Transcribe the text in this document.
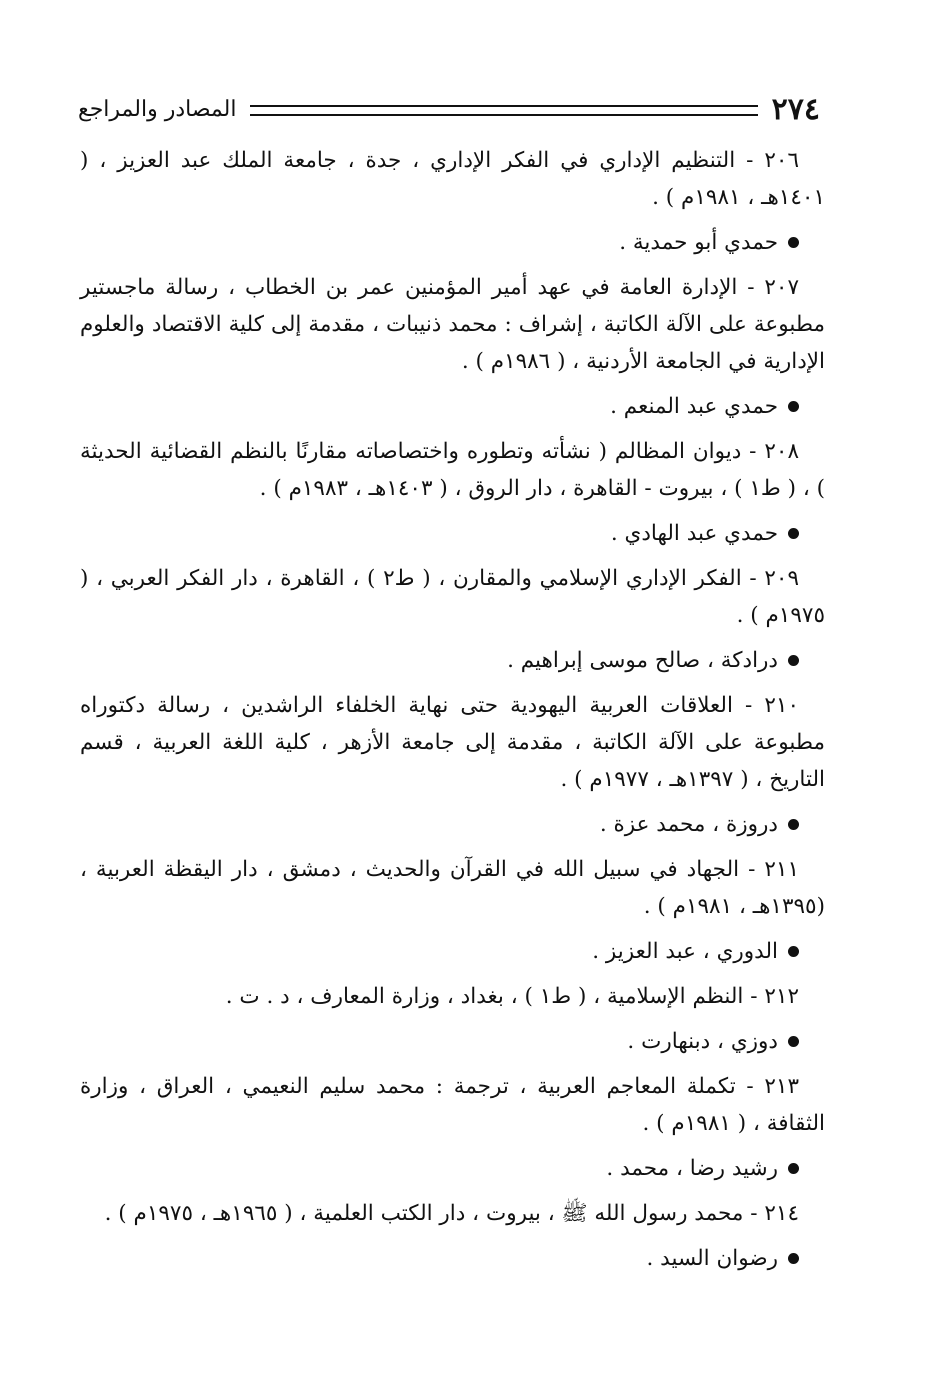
٢٧٤
المصادر والمراجع

٢٠٦ - التنظيم الإداري في الفكر الإداري ، جدة ، جامعة الملك عبد العزيز ، ( ١٤٠١هـ ، ١٩٨١م ) .

حمدي أبو حمدية .

٢٠٧ - الإدارة العامة في عهد أمير المؤمنين عمر بن الخطاب ، رسالة ماجستير مطبوعة على الآلة الكاتبة ، إشراف : محمد ذنيبات ، مقدمة إلى كلية الاقتصاد والعلوم الإدارية في الجامعة الأردنية ، ( ١٩٨٦م ) .

حمدي عبد المنعم .

٢٠٨ - ديوان المظالم ( نشأته وتطوره واختصاصاته مقارنًا بالنظم القضائية الحديثة ) ، ( ط١ ) ، بيروت - القاهرة ، دار الروق ، ( ١٤٠٣هـ ، ١٩٨٣م ) .

حمدي عبد الهادي .

٢٠٩ - الفكر الإداري الإسلامي والمقارن ، ( ط٢ ) ، القاهرة ، دار الفكر العربي ، ( ١٩٧٥م ) .

درادكة ، صالح موسى إبراهيم .

٢١٠ - العلاقات العربية اليهودية حتى نهاية الخلفاء الراشدين ، رسالة دكتوراه مطبوعة على الآلة الكاتبة ، مقدمة إلى جامعة الأزهر ، كلية اللغة العربية ، قسم التاريخ ، ( ١٣٩٧هـ ، ١٩٧٧م ) .

دروزة ، محمد عزة .

٢١١ - الجهاد في سبيل الله في القرآن والحديث ، دمشق ، دار اليقظة العربية ، (١٣٩٥هـ ، ١٩٨١م ) .

الدوري ، عبد العزيز .

٢١٢ - النظم الإسلامية ، ( ط١ ) ، بغداد ، وزارة المعارف ، د . ت .

دوزي ، دبنهارت .

٢١٣ - تكملة المعاجم العربية ، ترجمة : محمد سليم النعيمي ، العراق ، وزارة الثقافة ، ( ١٩٨١م ) .

رشيد رضا ، محمد .

٢١٤ - محمد رسول الله ﷺ ، بيروت ، دار الكتب العلمية ، ( ١٩٦٥هـ ، ١٩٧٥م ) .

رضوان السيد .
